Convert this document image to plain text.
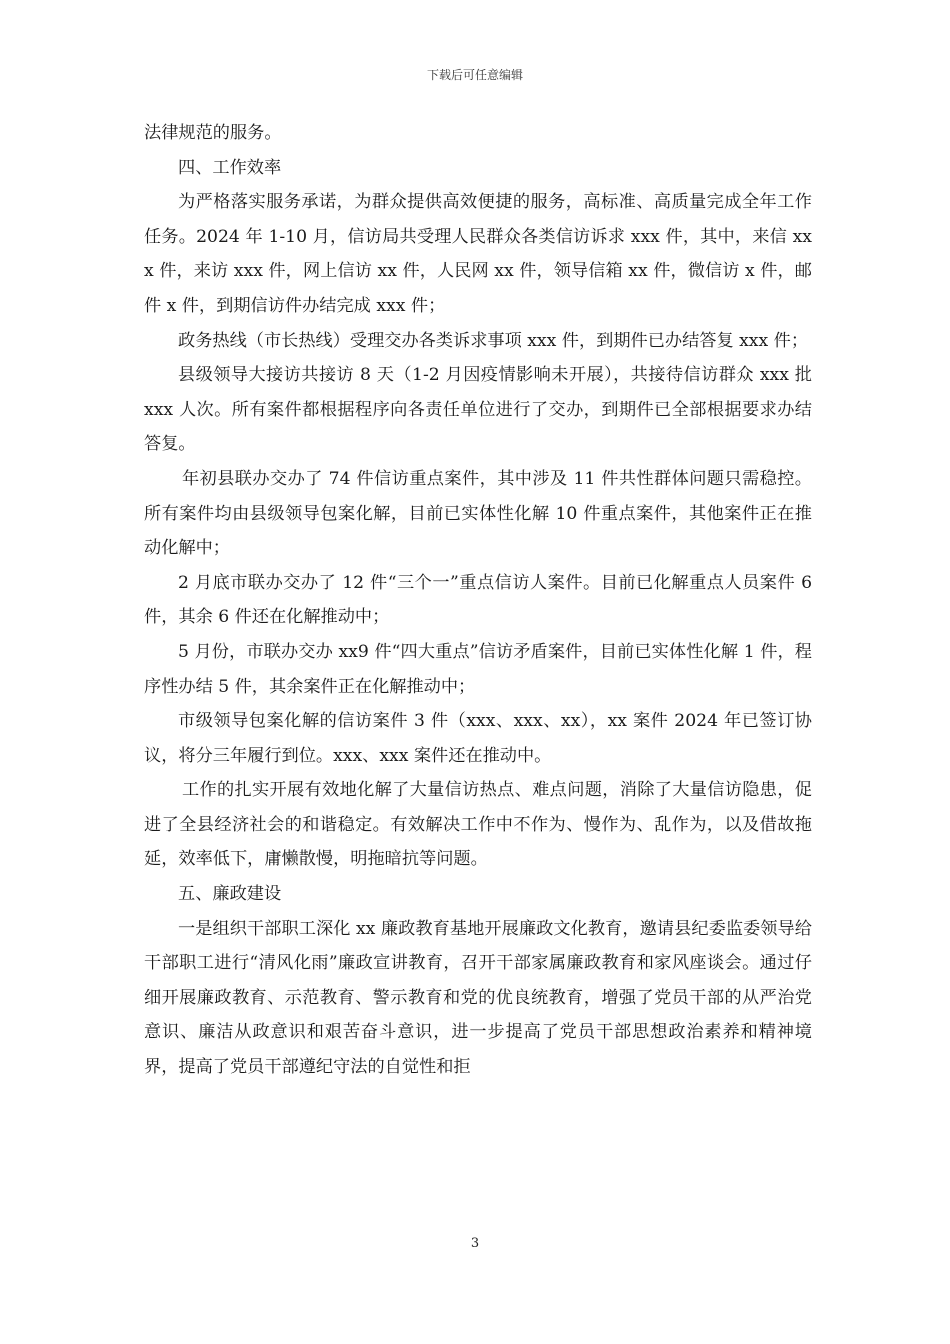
下载后可任意编辑

法律规范的服务。

四、工作效率

为严格落实服务承诺，为群众提供高效便捷的服务，高标准、高质量完成全年工作任务。2024 年 1-10 月，信访局共受理人民群众各类信访诉求 xxx 件，其中，来信 xxx 件，来访 xxx 件，网上信访 xx 件，人民网 xx 件，领导信箱 xx 件，微信访 x 件，邮件 x 件，到期信访件办结完成 xxx 件；

政务热线（市长热线）受理交办各类诉求事项 xxx 件，到期件已办结答复 xxx 件；

县级领导大接访共接访 8 天（1-2 月因疫情影响未开展），共接待信访群众 xxx 批 xxx 人次。所有案件都根据程序向各责任单位进行了交办，到期件已全部根据要求办结答复。

年初县联办交办了 74 件信访重点案件，其中涉及 11 件共性群体问题只需稳控。所有案件均由县级领导包案化解，目前已实体性化解 10 件重点案件，其他案件正在推动化解中；

2 月底市联办交办了 12 件“三个一”重点信访人案件。目前已化解重点人员案件 6 件，其余 6 件还在化解推动中；

5 月份，市联办交办 xx9 件“四大重点”信访矛盾案件，目前已实体性化解 1 件，程序性办结 5 件，其余案件正在化解推动中；

市级领导包案化解的信访案件 3 件（xxx、xxx、xx），xx 案件 2024 年已签订协议，将分三年履行到位。xxx、xxx 案件还在推动中。

工作的扎实开展有效地化解了大量信访热点、难点问题，消除了大量信访隐患，促进了全县经济社会的和谐稳定。有效解决工作中不作为、慢作为、乱作为，以及借故拖延，效率低下，庸懒散慢，明拖暗抗等问题。

五、廉政建设

一是组织干部职工深化 xx 廉政教育基地开展廉政文化教育，邀请县纪委监委领导给干部职工进行“清风化雨”廉政宣讲教育，召开干部家属廉政教育和家风座谈会。通过仔细开展廉政教育、示范教育、警示教育和党的优良统教育，增强了党员干部的从严治党意识、廉洁从政意识和艰苦奋斗意识，进一步提高了党员干部思想政治素养和精神境界，提高了党员干部遵纪守法的自觉性和拒

3
